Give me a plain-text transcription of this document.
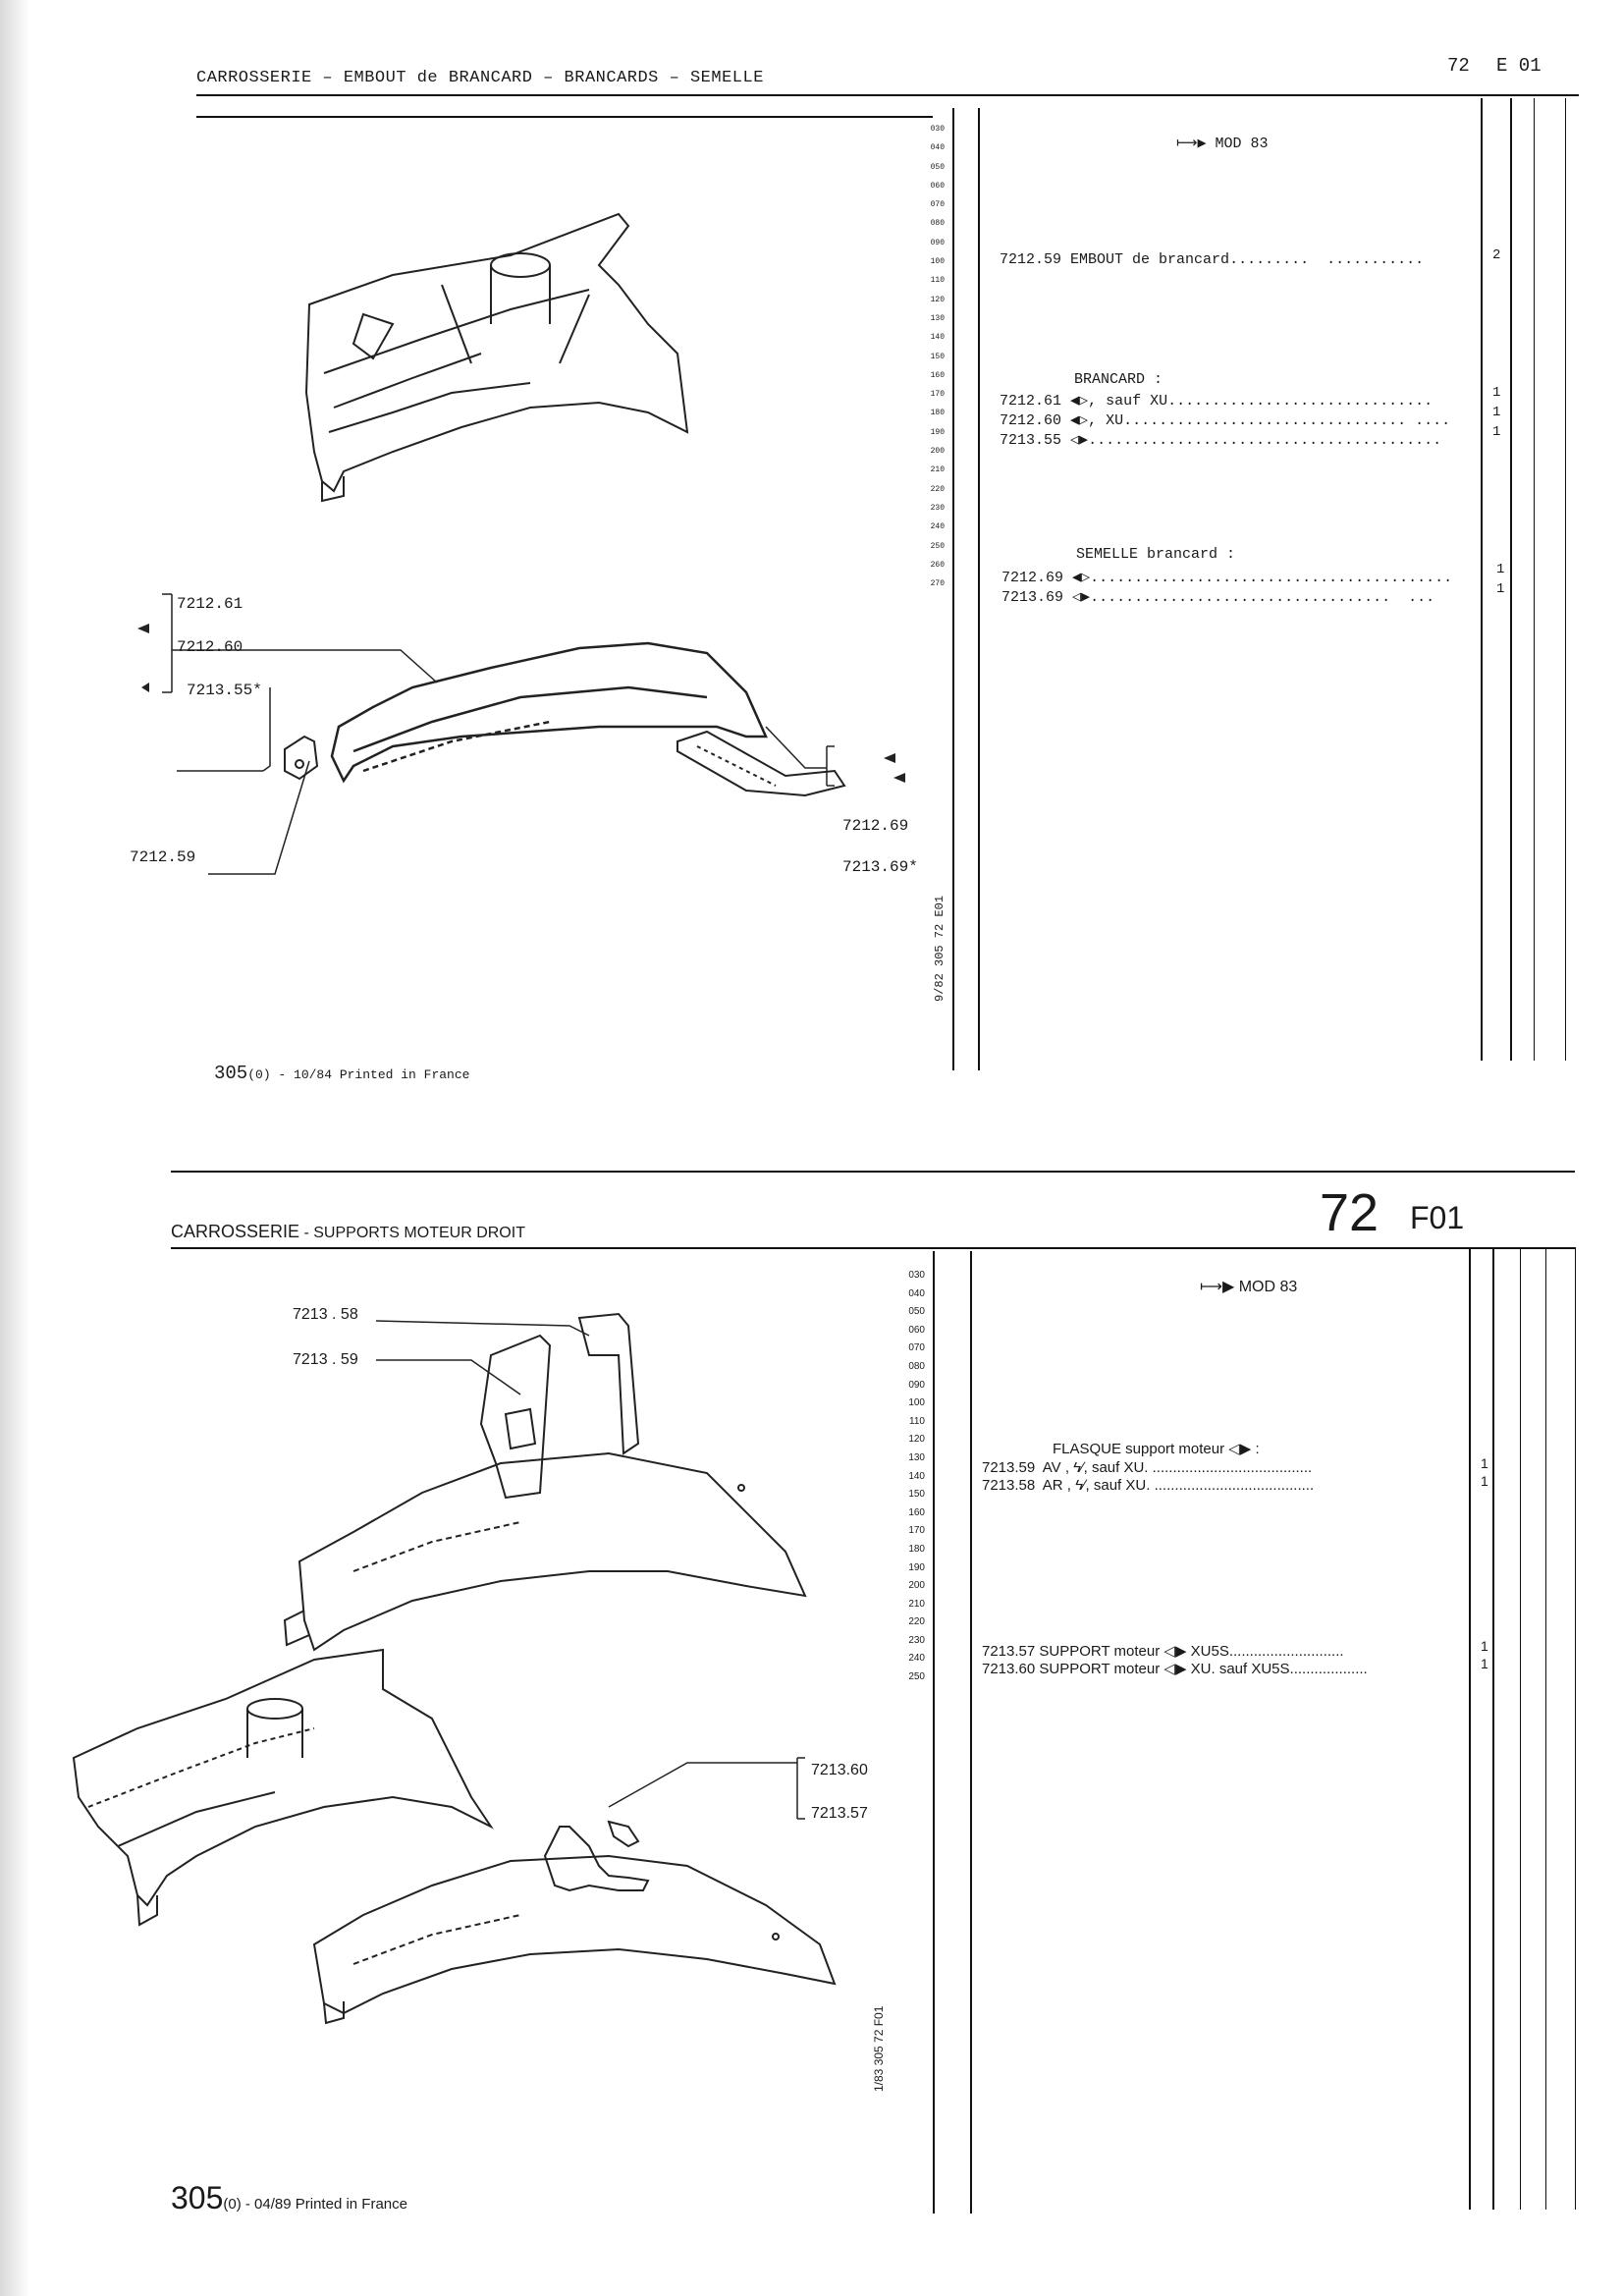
CARROSSERIE – EMBOUT de BRANCARD – BRANCARDS – SEMELLE
72 E 01
030
040
050
060
070
080
090
100
110
120
130
140
150
160
170
180
190
200
210
220
230
240
250
260
270
⟼▶ MOD 83
7212.59 EMBOUT de brancard.........  ...........	2
BRANCARD :
7212.61 ◀▷, sauf XU..............................	1
7212.60 ◀▷, XU................................ ....	1
7213.55 ◁▶........................................	1
SEMELLE brancard :
7212.69 ◀▷.........................................	1
7213.69 ◁▶..................................  ...	1
7212.61
7212.60
7213.55*
7212.59
7212.69
7213.69*
9/82 305 72 E01
305(0) - 10/84 Printed in France
CARROSSERIE - SUPPORTS MOTEUR DROIT	72 F01
030
040
050
060
070
080
090
100
110
120
130
140
150
160
170
180
190
200
210
220
230
240
250
⟼▶ MOD 83
FLASQUE support moteur ◁▶ :
7213.59 AV , ϟ∕, sauf XU. .......................................	1
7213.58 AR , ϟ∕, sauf XU. .......................................	1
7213.57 SUPPORT moteur ◁▶ XU5S............................	1
7213.60 SUPPORT moteur ◁▶ XU. sauf XU5S...................	1
7213 . 58
7213 . 59
7213.60
7213.57
1/83 305 72 F01
305(0) - 04/89 Printed in France
